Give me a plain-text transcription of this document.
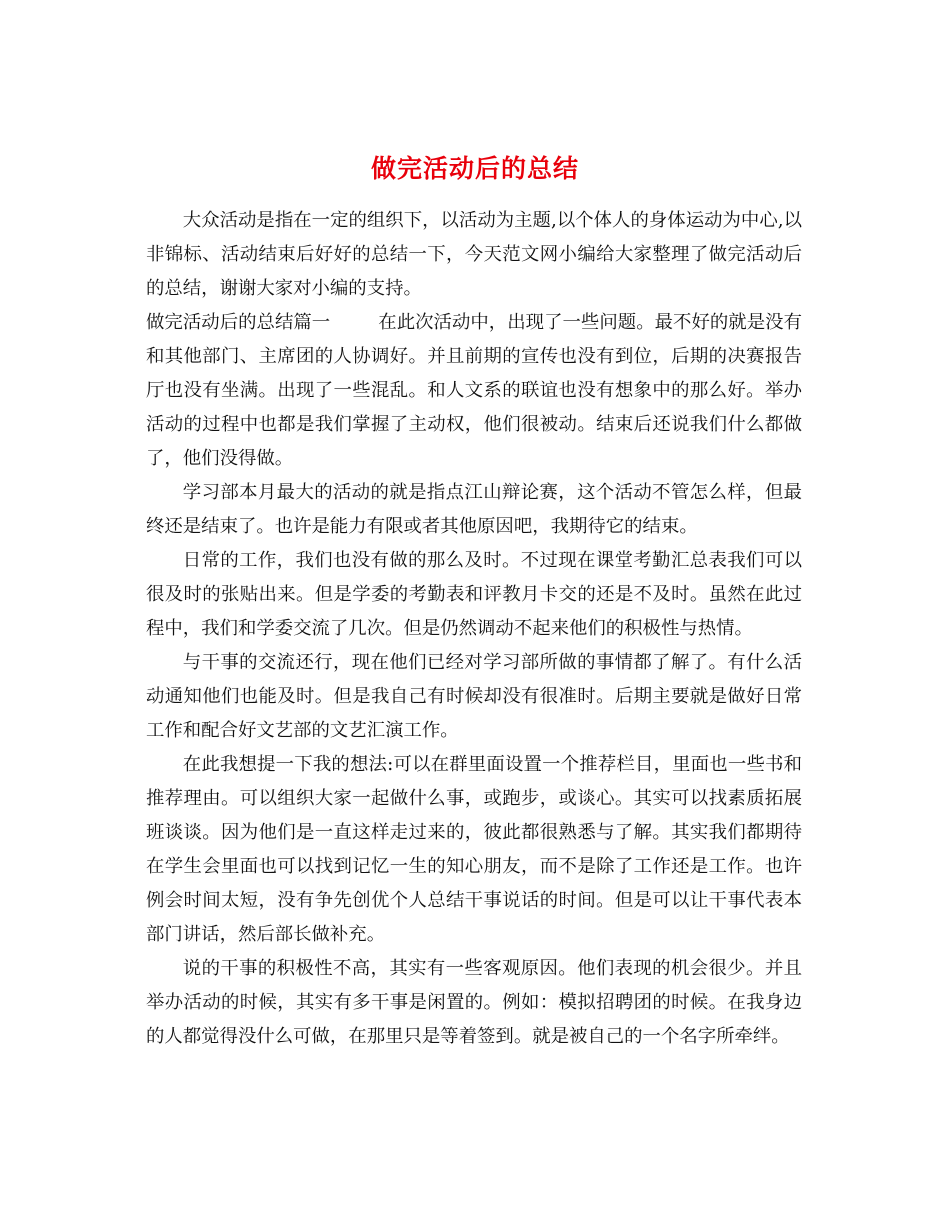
做完活动后的总结

大众活动是指在一定的组织下，以活动为主题,以个体人的身体运动为中心,以非锦标、活动结束后好好的总结一下，今天范文网小编给大家整理了做完活动后的总结，谢谢大家对小编的支持。

做完活动后的总结篇一	在此次活动中，出现了一些问题。最不好的就是没有和其他部门、主席团的人协调好。并且前期的宣传也没有到位，后期的决赛报告厅也没有坐满。出现了一些混乱。和人文系的联谊也没有想象中的那么好。举办活动的过程中也都是我们掌握了主动权，他们很被动。结束后还说我们什么都做了，他们没得做。

学习部本月最大的活动的就是指点江山辩论赛，这个活动不管怎么样，但最终还是结束了。也许是能力有限或者其他原因吧，我期待它的结束。

日常的工作，我们也没有做的那么及时。不过现在课堂考勤汇总表我们可以很及时的张贴出来。但是学委的考勤表和评教月卡交的还是不及时。虽然在此过程中，我们和学委交流了几次。但是仍然调动不起来他们的积极性与热情。

与干事的交流还行，现在他们已经对学习部所做的事情都了解了。有什么活动通知他们也能及时。但是我自己有时候却没有很准时。后期主要就是做好日常工作和配合好文艺部的文艺汇演工作。

在此我想提一下我的想法:可以在群里面设置一个推荐栏目，里面也一些书和推荐理由。可以组织大家一起做什么事，或跑步，或谈心。其实可以找素质拓展班谈谈。因为他们是一直这样走过来的，彼此都很熟悉与了解。其实我们都期待在学生会里面也可以找到记忆一生的知心朋友，而不是除了工作还是工作。也许例会时间太短，没有争先创优个人总结干事说话的时间。但是可以让干事代表本部门讲话，然后部长做补充。

说的干事的积极性不高，其实有一些客观原因。他们表现的机会很少。并且举办活动的时候，其实有多干事是闲置的。例如：模拟招聘团的时候。在我身边的人都觉得没什么可做，在那里只是等着签到。就是被自己的一个名字所牵绊。
